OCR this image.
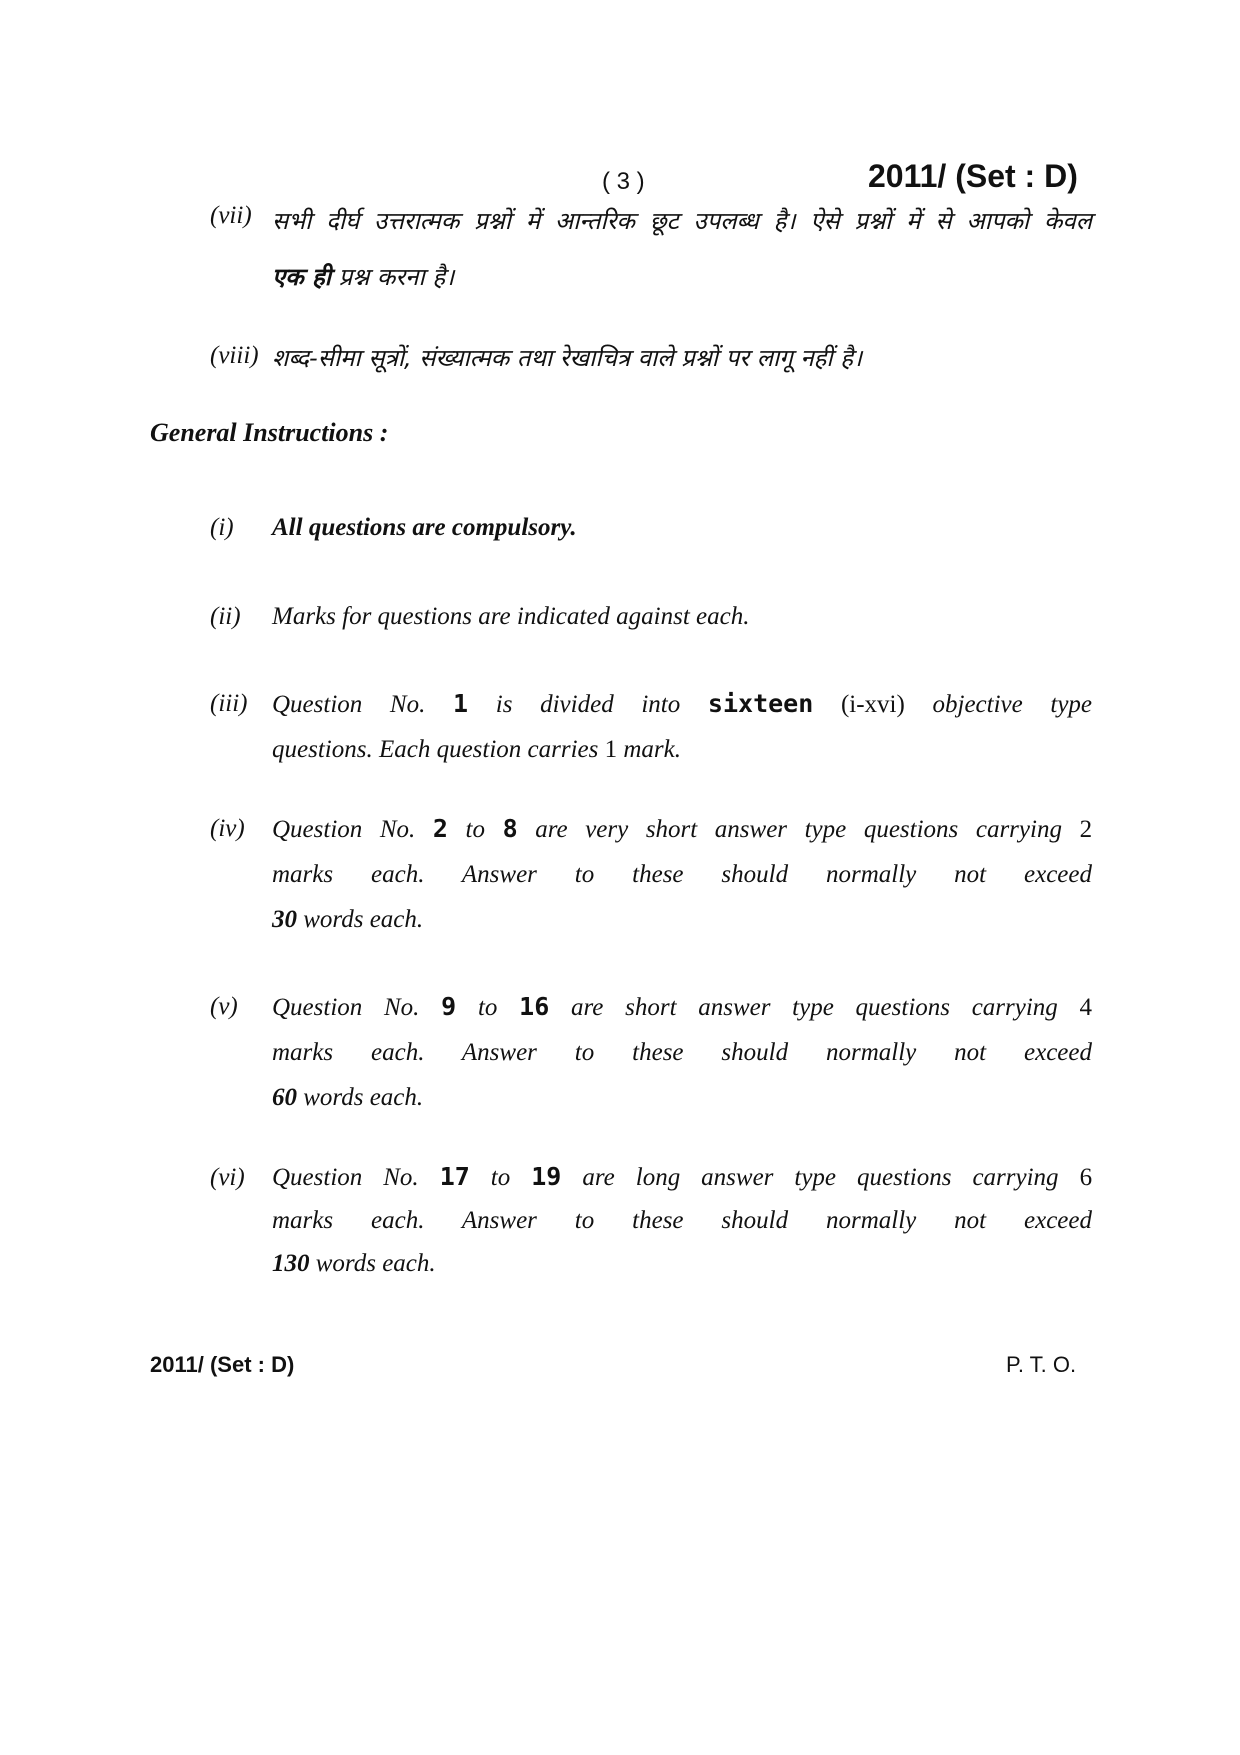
( 3 )	2011/ (Set : D)
(vii) सभी दीर्घ उत्तरात्मक प्रश्नों में आन्तरिक छूट उपलब्ध है। ऐसे प्रश्नों में से आपको केवल
एक ही प्रश्न करना है।
(viii) शब्द-सीमा सूत्रों, संख्यात्मक तथा रेखाचित्र वाले प्रश्नों पर लागू नहीं है।
General Instructions :
(i) All questions are compulsory.
(ii) Marks for questions are indicated against each.
(iii) Question No. 1 is divided into sixteen (i-xvi) objective type
questions. Each question carries 1 mark.
(iv) Question No. 2 to 8 are very short answer type questions carrying 2
marks each. Answer to these should normally not exceed
30 words each.
(v) Question No. 9 to 16 are short answer type questions carrying 4
marks each. Answer to these should normally not exceed
60 words each.
(vi) Question No. 17 to 19 are long answer type questions carrying 6
marks each. Answer to these should normally not exceed
130 words each.
2011/ (Set : D)	P. T. O.
